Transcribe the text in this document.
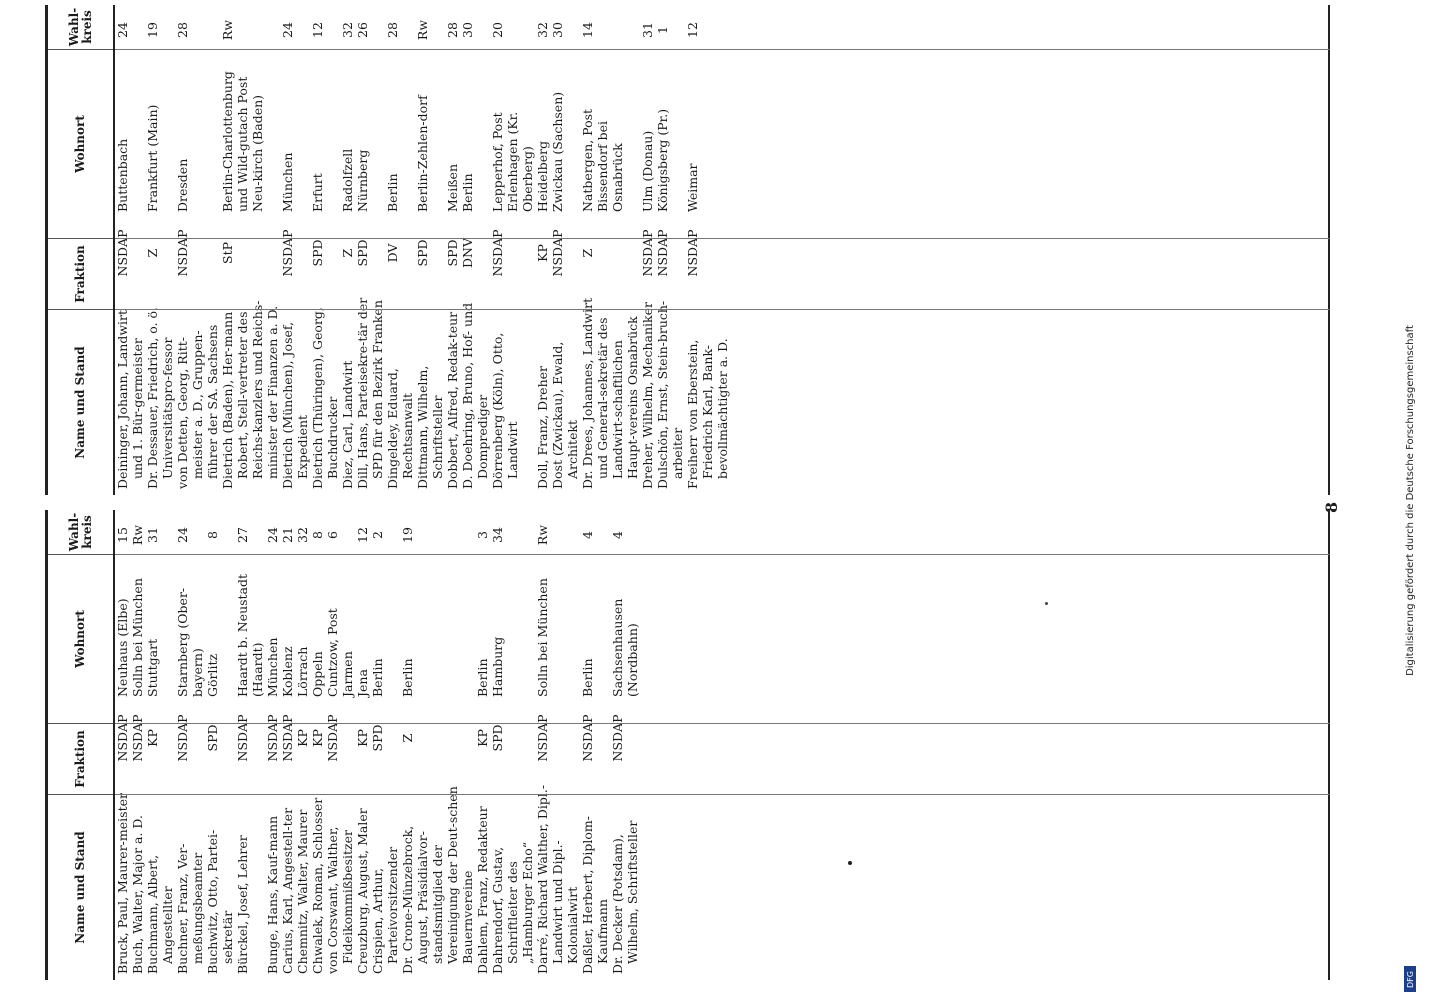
8
Name und Stand
Fraktion
Wohnort
Wahl-kreis
Bruck, Paul, Maurer-meister
NSDAP
Neuhaus (Elbe)
15
Buch, Walter, Major a. D.
NSDAP
Solln bei München
Rw
Buchmann, Albert, Angestellter
KP
Stuttgart
31
Buchner, Franz, Ver-meßungsbeamter
NSDAP
Starnberg (Ober-bayern)
24
Buchwitz, Otto, Partei-sekretär
SPD
Görlitz
8
Bürckel, Josef, Lehrer
NSDAP
Haardt b. Neustadt (Haardt)
27
Bunge, Hans, Kauf-mann
NSDAP
München
24
Carius, Karl, Angestell-ter
NSDAP
Koblenz
21
Chemnitz, Walter, Maurer
KP
Lörrach
32
Chwalek, Roman, Schlosser
KP
Oppeln
8
von Corswant, Walther, Fideikommißbesitzer
NSDAP
Cuntzow, Post Jarmen
6
Creuzburg, August, Maler
KP
Jena
12
Crispien, Arthur, Parteivorsitzender
SPD
Berlin
2
Dr. Crone-Münzebrock, August, Präsidialvor-standsmitglied der Vereinigung der Deut-schen Bauernvereine
Z
Berlin
19
Dahlem, Franz, Redakteur
KP
Berlin
3
Dahrendorf, Gustav, Schriftleiter des „Hamburger Echo“
SPD
Hamburg
34
Darré, Richard Walther, Dipl.-Landwirt und Dipl.-Kolonialwirt
NSDAP
Solln bei München
Rw
Daßler, Herbert, Diplom-Kaufmann
NSDAP
Berlin
4
Dr. Decker (Potsdam), Wilhelm, Schriftsteller
NSDAP
Sachsenhausen (Nordbahn)
4
Name und Stand
Fraktion
Wohnort
Wahl-kreis
Deininger, Johann, Landwirt und 1. Bür-germeister
NSDAP
Buttenbach
24
Dr. Dessauer, Friedrich, o. ö. Universitätspro-fessor
Z
Frankfurt (Main)
19
von Detten, Georg, Ritt-meister a. D., Gruppen-führer der SA. Sachsens
NSDAP
Dresden
28
Dietrich (Baden), Her-mann Robert, Stell-vertreter des Reichs-kanzlers und Reichs-minister der Finanzen a. D.
StP
Berlin-Charlottenburg und Wild-gutach Post Neu-kirch (Baden)
Rw
Dietrich (München), Josef, Expedient
NSDAP
München
24
Dietrich (Thüringen), Georg, Buchdrucker
SPD
Erfurt
12
Diez, Carl, Landwirt
Z
Radolfzell
32
Dill, Hans, Parteisekre-tär der SPD für den Bezirk Franken
SPD
Nürnberg
26
Dingeldey, Eduard, Rechtsanwalt
DV
Berlin
28
Dittmann, Wilhelm, Schriftsteller
SPD
Berlin-Zehlen-dorf
Rw
Dobbert, Alfred, Redak-teur
SPD
Meißen
28
D. Doehring, Bruno, Hof- und Domprediger
DNV
Berlin
30
Dörrenberg (Köln), Otto, Landwirt
NSDAP
Lepperhof, Post Erlenhagen (Kr. Oberberg)
20
Doll, Franz, Dreher
KP
Heidelberg
32
Dost (Zwickau), Ewald, Architekt
NSDAP
Zwickau (Sachsen)
30
Dr. Drees, Johannes, Landwirt und General-sekretär des Landwirt-schaftlichen Haupt-vereins Osnabrück
Z
Natbergen, Post Bissendorf bei Osnabrück
14
Dreher, Wilhelm, Mechaniker
NSDAP
Ulm (Donau)
31
Dulschön, Ernst, Stein-brucharbeiter
NSDAP
Königsberg (Pr.)
1
Freiherr von Eberstein, Friedrich Karl, Bank-bevollmächtigter a. D.
NSDAP
Weimar
12
Digitalisierung gefördert durch die Deutsche Forschungsgemeinschaft
DFG
